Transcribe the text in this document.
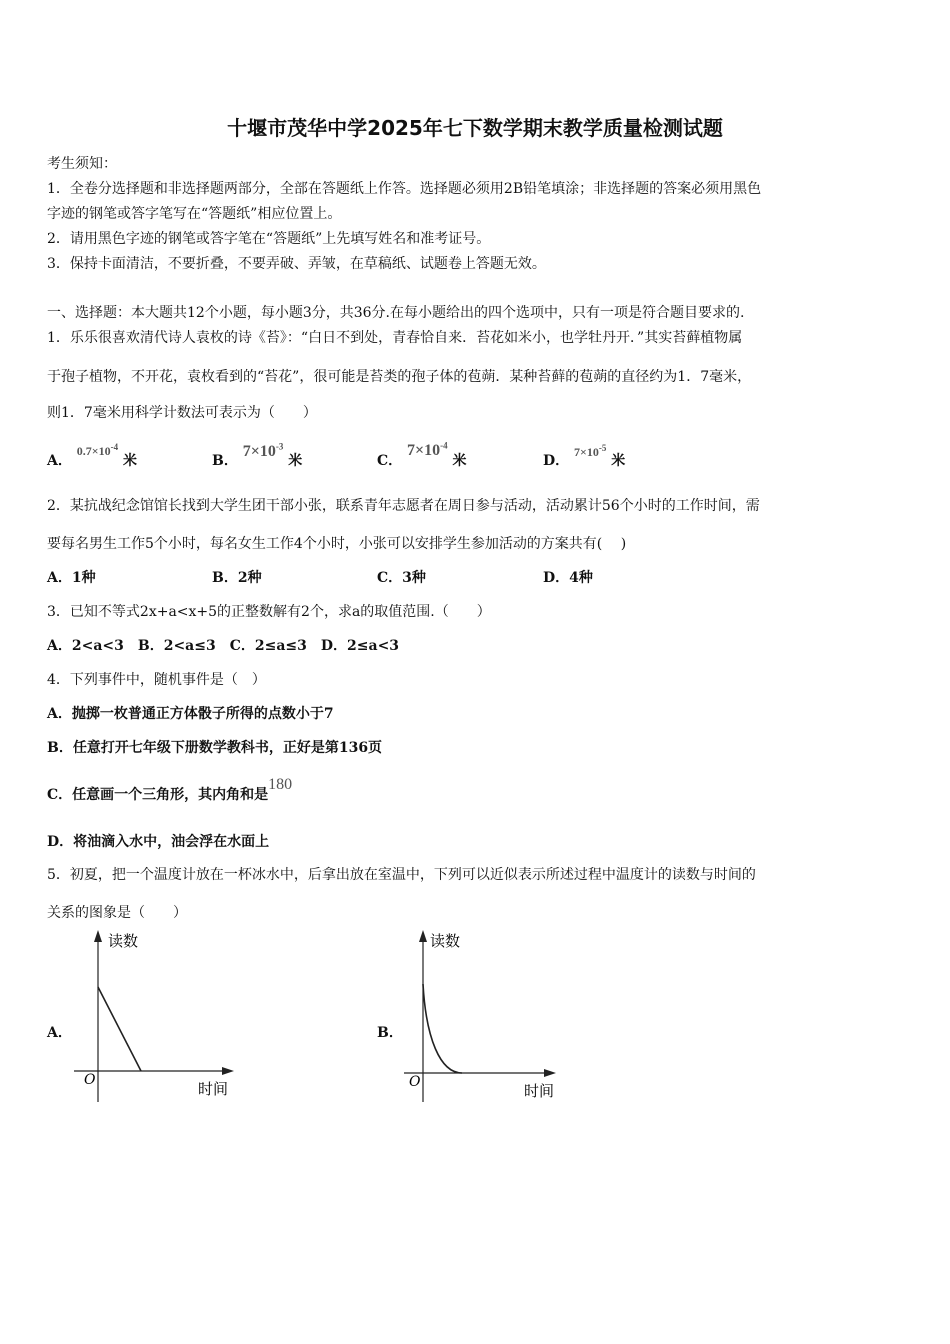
十堰市茂华中学2025年七下数学期末教学质量检测试题
考生须知：
1．全卷分选择题和非选择题两部分，全部在答题纸上作答。选择题必须用2B铅笔填涂；非选择题的答案必须用黑色
字迹的钢笔或答字笔写在“答题纸”相应位置上。
2．请用黑色字迹的钢笔或答字笔在“答题纸”上先填写姓名和准考证号。
3．保持卡面清洁，不要折叠，不要弄破、弄皱，在草稿纸、试题卷上答题无效。
一、选择题：本大题共12个小题，每小题3分，共36分.在每小题给出的四个选项中，只有一项是符合题目要求的.
1．乐乐很喜欢清代诗人袁枚的诗《苔》：“白日不到处，青春恰自来．苔花如米小，也学牡丹开．”其实苔藓植物属
于孢子植物，不开花，袁枚看到的“苔花”，很可能是苔类的孢子体的苞蒴．某种苔藓的苞蒴的直径约为1．7毫米，
则1．7毫米用科学计数法可表示为（　　）
A． $0.7\times 10^{-4}$ 米	B． $7\times 10^{-3}$ 米	C． $7\times 10^{-4}$ 米	D． $7\times 10^{-5}$ 米
2．某抗战纪念馆馆长找到大学生团干部小张，联系青年志愿者在周日参与活动，活动累计56个小时的工作时间，需
要每名男生工作5个小时，每名女生工作4个小时，小张可以安排学生参加活动的方案共有(　 )
A．1种	B．2种	C．3种	D．4种
3．已知不等式2x+a<x+5的正整数解有2个，求a的取值范围.（　　）
A．2<a<3　B．2<a≤3　C．2≤a≤3　D．2≤a<3
4．下列事件中，随机事件是（　）
A．抛掷一枚普通正方体骰子所得的点数小于7
B．任意打开七年级下册数学教科书，正好是第136页
C．任意画一个三角形，其内角和是180
D．将油滴入水中，油会浮在水面上
5．初夏，把一个温度计放在一杯冰水中，后拿出放在室温中，下列可以近似表示所述过程中温度计的读数与时间的
关系的图象是（　　）
A．
读数
时间
O
B．
读数
时间
O
